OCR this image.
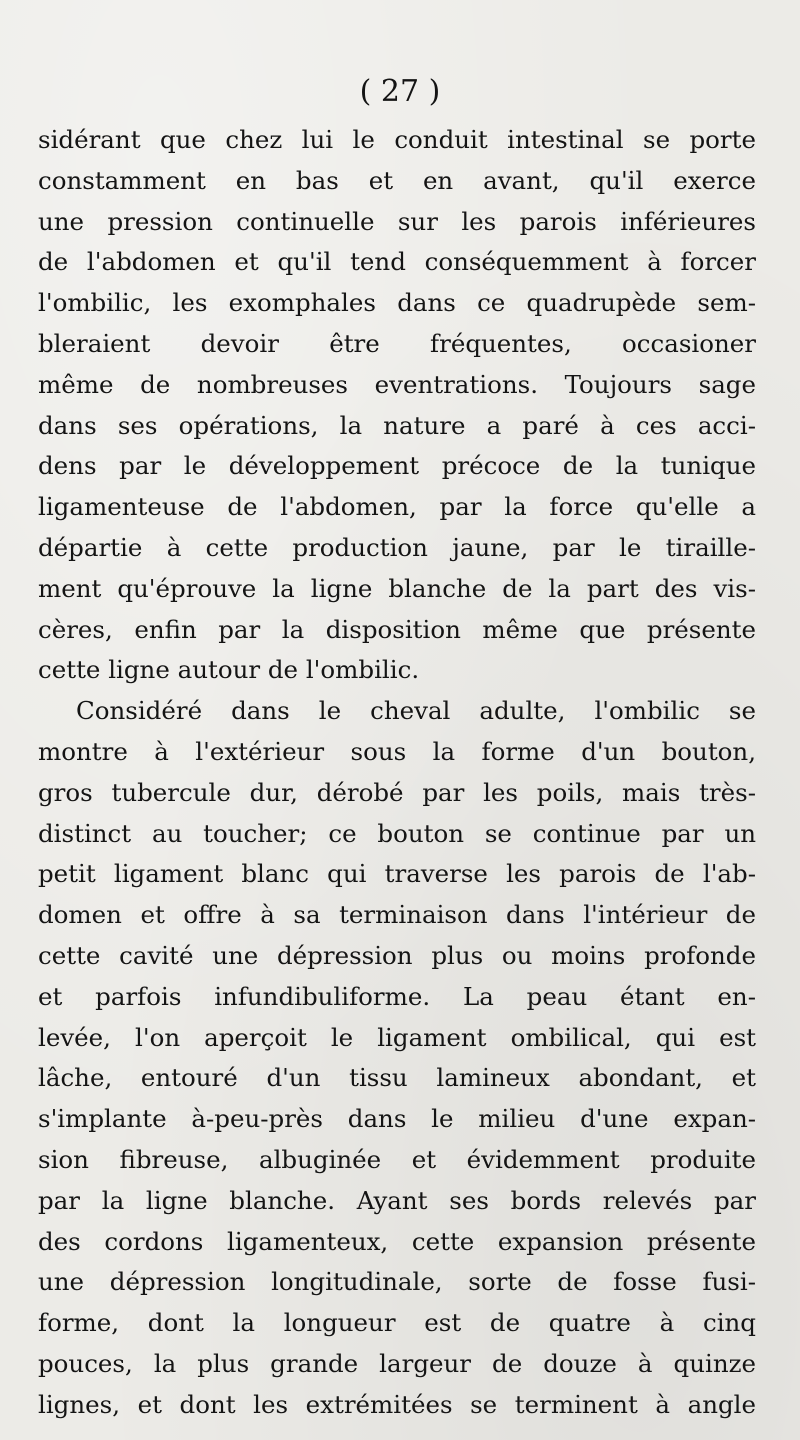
( 27 )
sidérant que chez lui le conduit intestinal se porte
constamment en bas et en avant, qu'il exerce
une pression continuelle sur les parois inférieures
de l'abdomen et qu'il tend conséquemment à forcer
l'ombilic, les exomphales dans ce quadrupède sem-
bleraient devoir être fréquentes, occasioner
même de nombreuses eventrations. Toujours sage
dans ses opérations, la nature a paré à ces acci-
dens par le développement précoce de la tunique
ligamenteuse de l'abdomen, par la force qu'elle a
départie à cette production jaune, par le tiraille-
ment qu'éprouve la ligne blanche de la part des vis-
cères, enfin par la disposition même que présente
cette ligne autour de l'ombilic.
Considéré dans le cheval adulte, l'ombilic se
montre à l'extérieur sous la forme d'un bouton,
gros tubercule dur, dérobé par les poils, mais très-
distinct au toucher; ce bouton se continue par un
petit ligament blanc qui traverse les parois de l'ab-
domen et offre à sa terminaison dans l'intérieur de
cette cavité une dépression plus ou moins profonde
et parfois infundibuliforme. La peau étant en-
levée, l'on aperçoit le ligament ombilical, qui est
lâche, entouré d'un tissu lamineux abondant, et
s'implante à-peu-près dans le milieu d'une expan-
sion fibreuse, albuginée et évidemment produite
par la ligne blanche. Ayant ses bords relevés par
des cordons ligamenteux, cette expansion présente
une dépression longitudinale, sorte de fosse fusi-
forme, dont la longueur est de quatre à cinq
pouces, la plus grande largeur de douze à quinze
lignes, et dont les extrémitées se terminent à angle
